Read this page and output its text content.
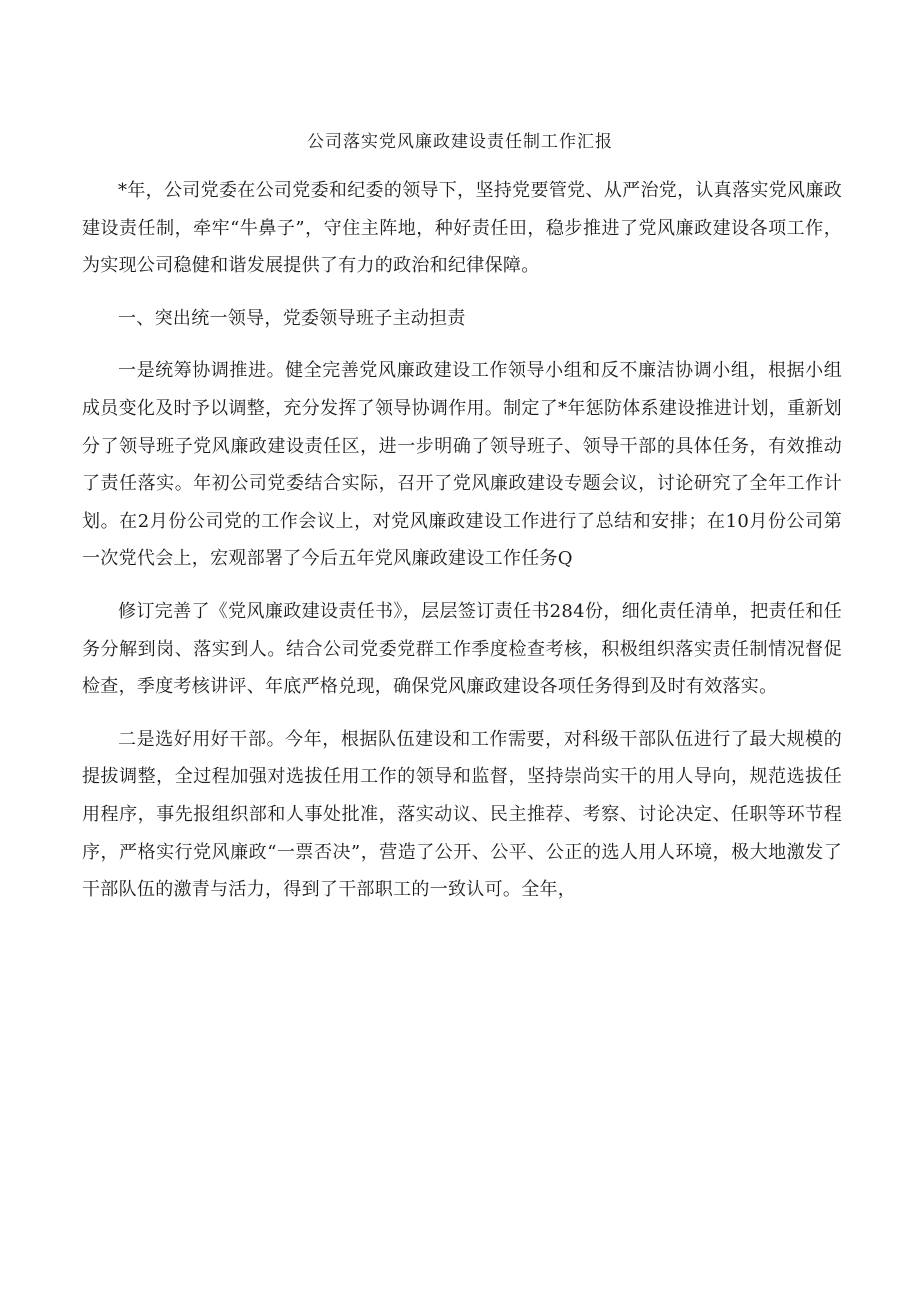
公司落实党风廉政建设责任制工作汇报

*年，公司党委在公司党委和纪委的领导下，坚持党要管党、从严治党，认真落实党风廉政建设责任制，牵牢“牛鼻子”，守住主阵地，种好责任田，稳步推进了党风廉政建设各项工作，为实现公司稳健和谐发展提供了有力的政治和纪律保障。

一、突出统一领导，党委领导班子主动担责

一是统筹协调推进。健全完善党风廉政建设工作领导小组和反不廉洁协调小组，根据小组成员变化及时予以调整，充分发挥了领导协调作用。制定了*年惩防体系建设推进计划，重新划分了领导班子党风廉政建设责任区，进一步明确了领导班子、领导干部的具体任务，有效推动了责任落实。年初公司党委结合实际，召开了党风廉政建设专题会议，讨论研究了全年工作计划。在2月份公司党的工作会议上，对党风廉政建设工作进行了总结和安排；在10月份公司第一次党代会上，宏观部署了今后五年党风廉政建设工作任务Q

修订完善了《党风廉政建设责任书》，层层签订责任书284份，细化责任清单，把责任和任务分解到岗、落实到人。结合公司党委党群工作季度检查考核，积极组织落实责任制情况督促检查，季度考核讲评、年底严格兑现，确保党风廉政建设各项任务得到及时有效落实。

二是选好用好干部。今年，根据队伍建设和工作需要，对科级干部队伍进行了最大规模的提拔调整，全过程加强对选拔任用工作的领导和监督，坚持崇尚实干的用人导向，规范选拔任用程序，事先报组织部和人事处批准，落实动议、民主推荐、考察、讨论决定、任职等环节程序，严格实行党风廉政“一票否决”，营造了公开、公平、公正的选人用人环境，极大地激发了干部队伍的激青与活力，得到了干部职工的一致认可。全年，
